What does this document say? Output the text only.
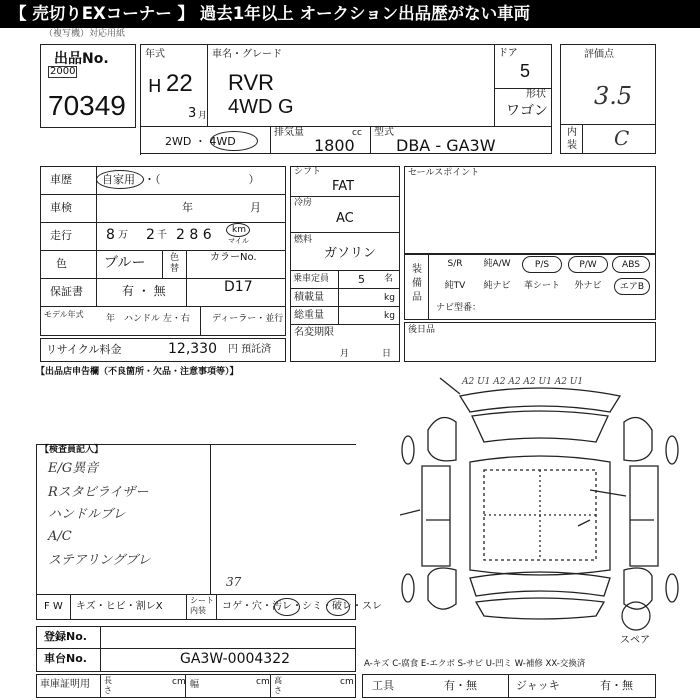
【 売切りEXコーナー 】 過去1年以上 オークション出品歴がない車両
（複写機）対応用紙
出品No.
2000
70349
年式
H 22
3 月
車名・グレード
RVR
4WD G
ドア
5
形状
ワゴン
2WD ・ 4WD
排気量	cc
1800
型式
DBA - GA3W
評価点
3.5
内装 C
車歴	自家用 ・（　　　　　　　　）
車検	年	月
走行 8 万 2 千 2 8 6 km
マイル
色	ブルー	色替
カラーNo.
D17
保証書	有 ・ 無
モデル年式 年 ハンドル 左・右 ディーラー・並行
リサイクル料金	12,330 円 預託済
シフト
FAT
冷房
AC
燃料
ガソリン
乗車定員	5 名
積載量	kg
総重量	kg
名変期限
月	日
セールスポイント
装備品
S/R	純A/W	P/S	P/W	ABS
純TV	純ナビ	革シート	外ナビ	エアB
ナビ型番：
後日品
【出品店申告欄（不良箇所・欠品・注意事項等）】
【検査員記入】
E/G異音
Rスタビライザー
ハンドルブレ
A/C
ステアリングブレ
A2 U1 A2 A2 A2 U1 A2 U1
スペア
F W キズ・ヒビ・割レX
シート内装	コゲ・穴・汚レ・シミ・破レ・スレ
37
登録No.
車台No.	GA3W-0004322
車庫証明用 長さ
cm 幅	cm 高さ
cm
A-キズ C-腐食 E-エクボ S-サビ U-凹ミ W-補修 XX-交換済
工具	有・無	ジャッキ	有・無
